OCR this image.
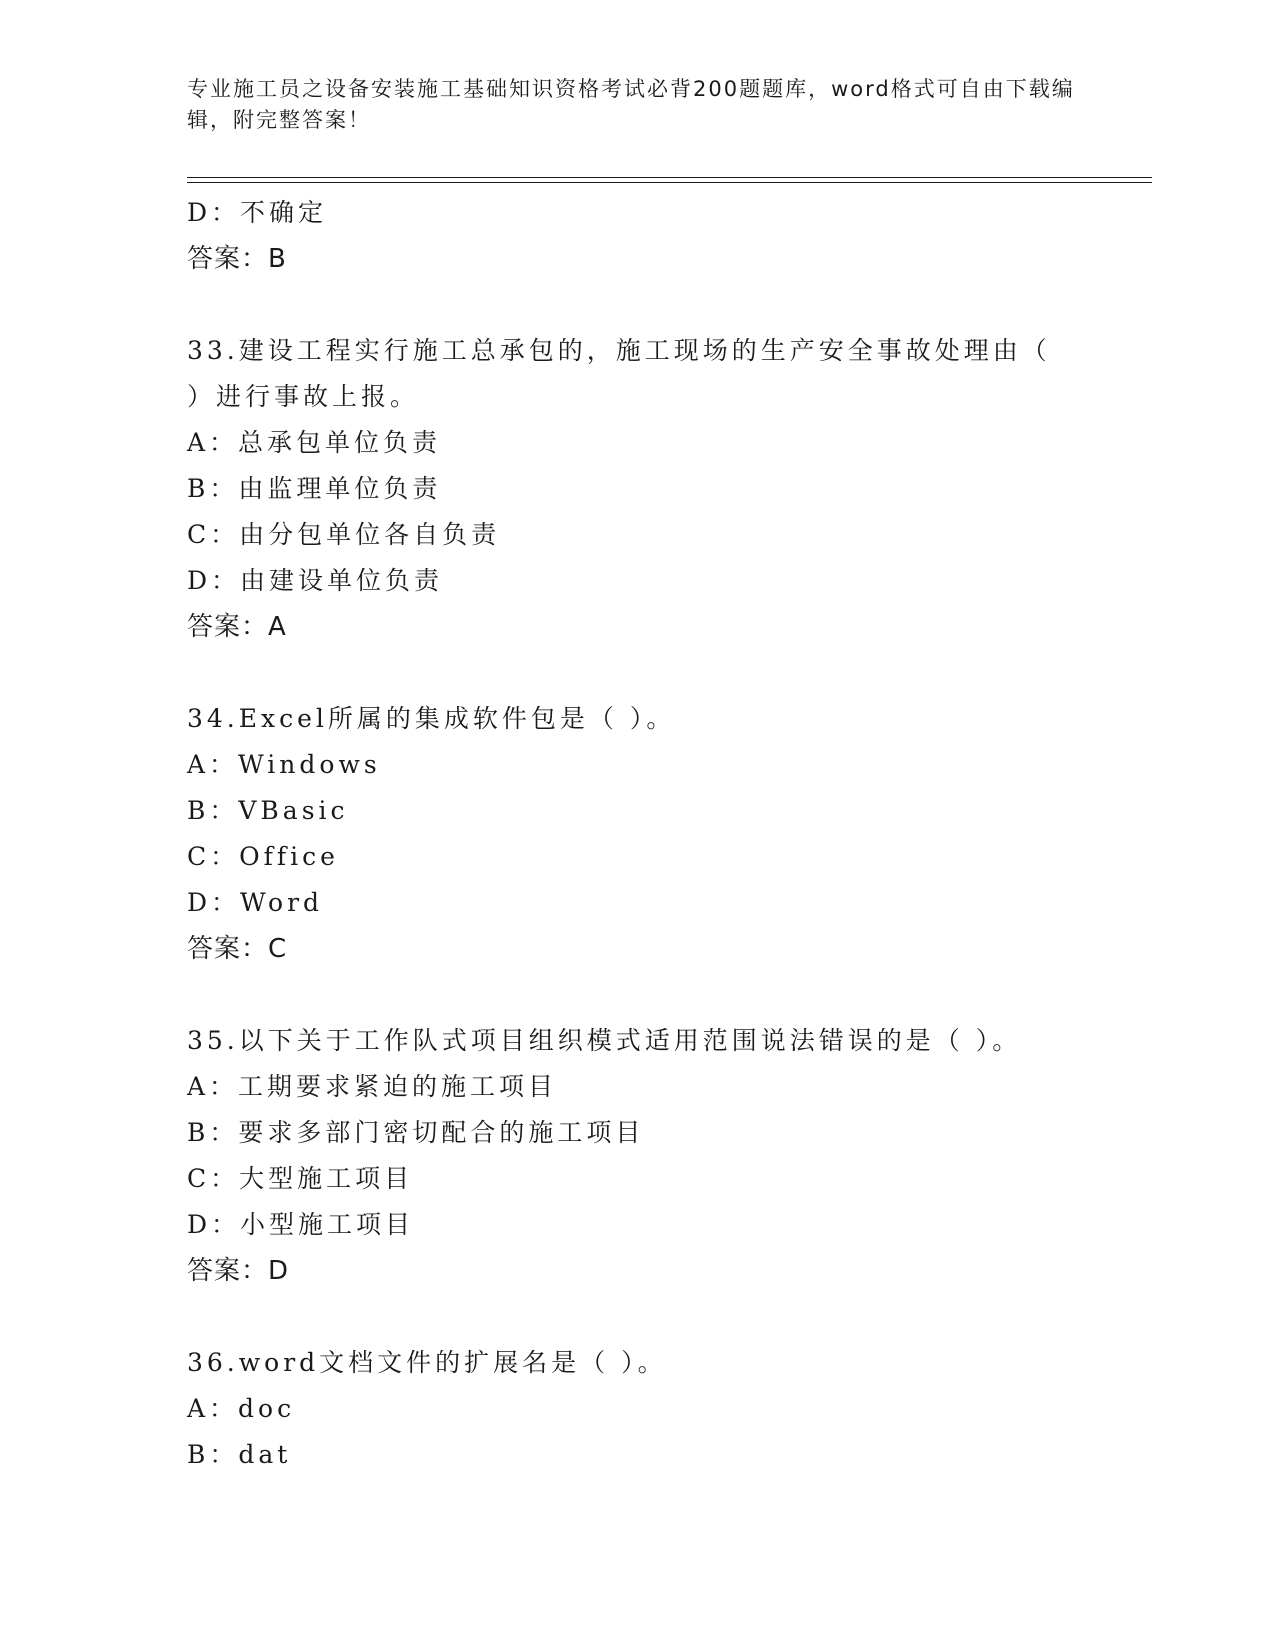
专业施工员之设备安装施工基础知识资格考试必背200题题库，word格式可自由下载编辑，附完整答案！
D：不确定
答案：B
33.建设工程实行施工总承包的，施工现场的生产安全事故处理由（
）进行事故上报。
A：总承包单位负责
B：由监理单位负责
C：由分包单位各自负责
D：由建设单位负责
答案：A
34.Excel所属的集成软件包是（ ）。
A：Windows
B：VBasic
C：Office
D：Word
答案：C
35.以下关于工作队式项目组织模式适用范围说法错误的是（ ）。
A：工期要求紧迫的施工项目
B：要求多部门密切配合的施工项目
C：大型施工项目
D：小型施工项目
答案：D
36.word文档文件的扩展名是（ ）。
A：doc
B：dat
